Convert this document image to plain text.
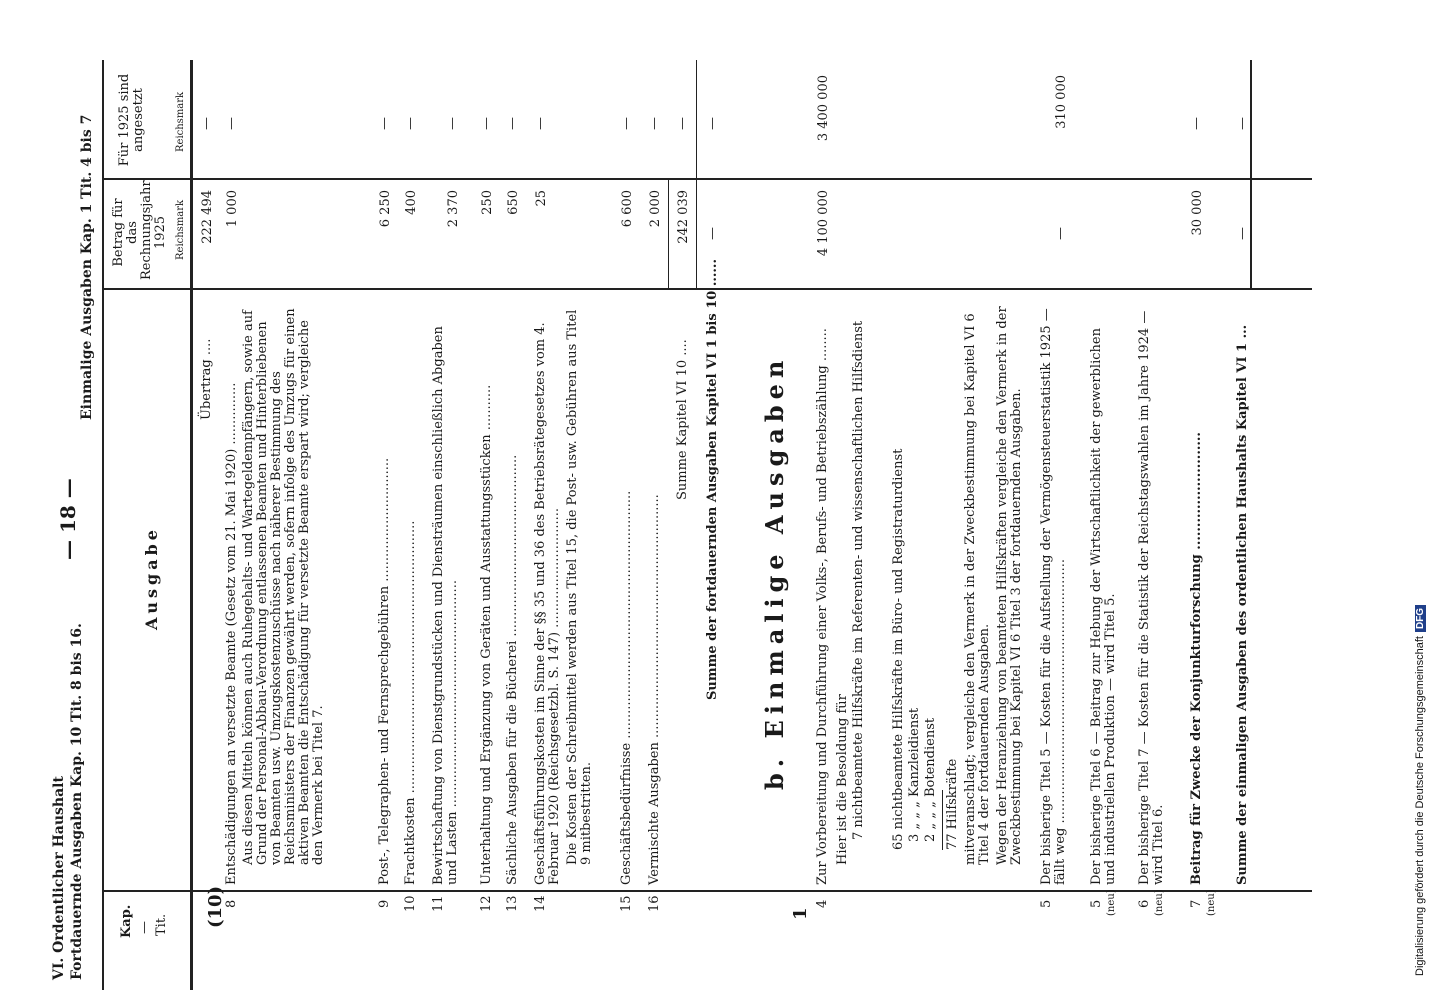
VI. Ordentlicher Haushalt Fortdauernde Ausgaben Kap. 10 Tit. 8 bis 16.
— 18 —
Einmalige Ausgaben Kap. 1 Tit. 4 bis 7
Kap. — Tit.
Ausgabe
Betrag für das Rechnungsjahr 1925 Reichsmark
Für 1925 sind angesetzt	Reichsmark
(10)
Übertrag ....
222 494
—
8
Entschädigungen an versetzte Beamte (Gesetz vom 21. Mai 1920) ...............
1 000
—
Aus diesen Mitteln können auch Ruhegehalts- und Wartegeldempfängern, sowie auf Grund der Personal-Abbau-Verordnung entlassenen Beamten und Hinterbliebenen von Beamten usw. Umzugskostenzuschüsse nach näherer Bestimmung des Reichsministers der Finanzen gewährt werden, sofern infolge des Umzugs für einen aktiven Beamten die Entschädigung für versetzte Beamte erspart wird; vergleiche den Vermerk bei Titel 7.
9
Post-, Telegraphen- und Fernsprechgebühren ..............................
6 250
—
10
Frachtkosten ..................................................................
400
—
11
Bewirtschaftung von Dienstgrundstücken und Diensträumen einschließlich Abgaben und Lasten .......................................................
2 370
—
12
Unterhaltung und Ergänzung von Geräten und Ausstattungsstücken ...........
250
—
13
Sächliche Ausgaben für die Bücherei ............................................
650
—
14
Geschäftsführungskosten im Sinne der §§ 35 und 36 des Betriebsrätegesetzes vom 4. Februar 1920 (Reichsgesetzbl. S. 147) .............................
25
—
Die Kosten der Schreibmittel werden aus Titel 15, die Post- usw. Gebühren aus Titel 9 mitbestritten.
15
Geschäftsbedürfnisse ............................................................
6 600
—
16
Vermischte Ausgaben ...........................................................
2 000
—
Summe Kapitel VI 10 ....
242 039
—
Summe der fortdauernden Ausgaben Kapitel VI 1 bis 10 ......
—
—
b. Einmalige Ausgaben
1
4
Zur Vorbereitung und Durchführung einer Volks-, Berufs- und Betriebszählung ........
4 100 000
3 400 000
Hier ist die Besoldung für 7 nichtbeamtete Hilfskräfte im Referenten- und wissenschaftlichen Hilfsdienst 65 nichtbeamtete Hilfskräfte im Büro- und Registraturdienst 3 „ „ „ Kanzleidienst 2 „ „ „ Botendienst 77 Hilfskräfte mitveranschlagt; vergleiche den Vermerk in der Zweckbestimmung bei Kapitel VI 6 Titel 4 der fortdauernden Ausgaben. Wegen der Heranziehung von beamteten Hilfskräften vergleiche den Vermerk in der Zweckbestimmung bei Kapitel VI 6 Titel 3 der fortdauernden Ausgaben.
5
Der bisherige Titel 5 — Kosten für die Aufstellung der Vermögensteuerstatistik 1925 — fällt weg ................................................................
—
310 000
5 (neu)
Der bisherige Titel 6 — Beitrag zur Hebung der Wirtschaftlichkeit der gewerblichen und industriellen Produktion — wird Titel 5.
6 (neu)
Der bisherige Titel 7 — Kosten für die Statistik der Reichstagswahlen im Jahre 1924 — wird Titel 6.
7 (neu)
Beitrag für Zwecke der Konjunkturforschung ..........................
30 000
—
Summe der einmaligen Ausgaben des ordentlichen Haushalts Kapitel VI 1 ...
—
—
Digitalisierung gefördert durch die Deutsche ForschungsgemeinschaftDFG
